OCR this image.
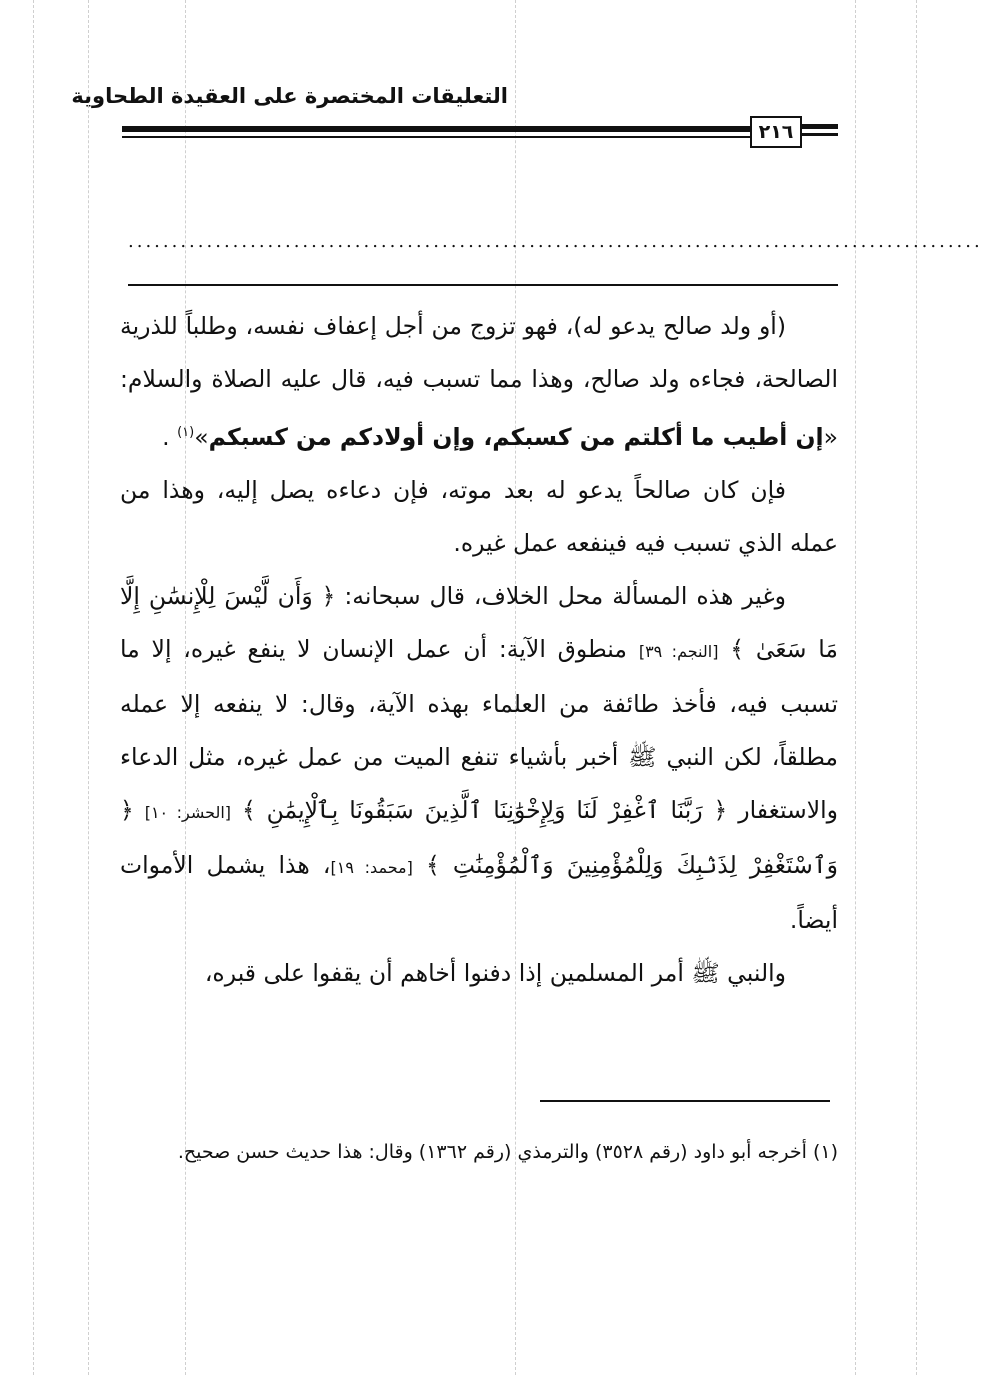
التعليقات المختصرة على العقيدة الطحاوية
٢١٦
..................................................................................................

(أو ولد صالح يدعو له)، فهو تزوج من أجل إعفاف نفسه، وطلباً للذرية الصالحة، فجاءه ولد صالح، وهذا مما تسبب فيه، قال عليه الصلاة والسلام: «إن أطيب ما أكلتم من كسبكم، وإن أولادكم من كسبكم»$^{(١)}$ .

فإن كان صالحاً يدعو له بعد موته، فإن دعاءه يصل إليه، وهذا من عمله الذي تسبب فيه فينفعه عمل غيره.

وغير هذه المسألة محل الخلاف، قال سبحانه: ﴿ وَأَن لَّيْسَ لِلْإِنسَٰنِ إِلَّا مَا سَعَىٰ ﴾ [النجم: ٣٩] منطوق الآية: أن عمل الإنسان لا ينفع غيره، إلا ما تسبب فيه، فأخذ طائفة من العلماء بهذه الآية، وقال: لا ينفعه إلا عمله مطلقاً، لكن النبي ﷺ أخبر بأشياء تنفع الميت من عمل غيره، مثل الدعاء والاستغفار ﴿ رَبَّنَا ٱغْفِرْ لَنَا وَلِإِخْوَٰنِنَا ٱلَّذِينَ سَبَقُونَا بِٱلْإِيمَٰنِ ﴾ [الحشر: ١٠] ﴿ وَٱسْتَغْفِرْ لِذَنۢبِكَ وَلِلْمُؤْمِنِينَ وَٱلْمُؤْمِنَٰتِ ﴾ [محمد: ١٩]، هذا يشمل الأموات أيضاً.

والنبي ﷺ أمر المسلمين إذا دفنوا أخاهم أن يقفوا على قبره،

(١) أخرجه أبو داود (رقم ٣٥٢٨) والترمذي (رقم ١٣٦٢) وقال: هذا حديث حسن صحيح.
